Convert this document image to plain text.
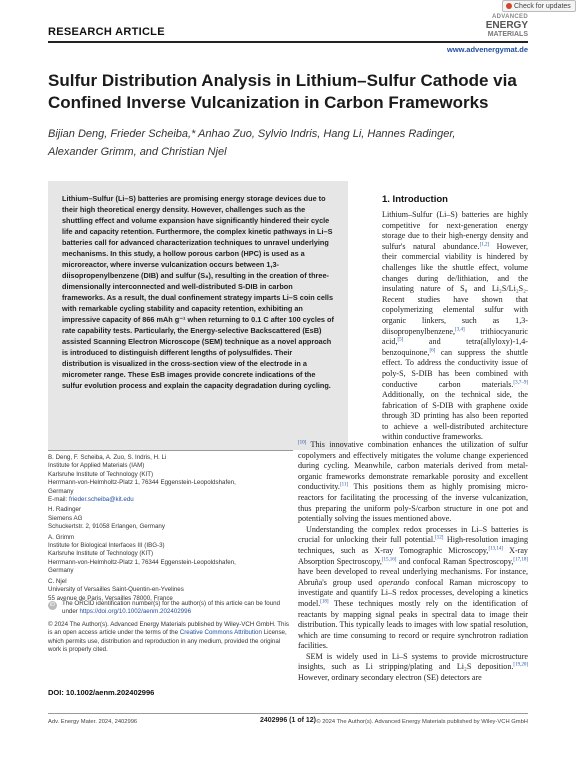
Check for updates
RESEARCH ARTICLE
ADVANCED
ENERGY
MATERIALS
www.advenergymat.de
Sulfur Distribution Analysis in Lithium–Sulfur Cathode via Confined Inverse Vulcanization in Carbon Frameworks
Bijian Deng, Frieder Scheiba,* Anhao Zuo, Sylvio Indris, Hang Li, Hannes Radinger,
Alexander Grimm, and Christian Njel
Lithium–Sulfur (Li–S) batteries are promising energy storage devices due to their high theoretical energy density. However, challenges such as the shuttling effect and volume expansion have significantly hindered their cycle life and capacity retention. Furthermore, the complex kinetic pathways in Li–S batteries call for advanced characterization techniques to unravel underlying mechanisms. In this study, a hollow porous carbon (HPC) is used as a microreactor, where inverse vulcanization occurs between 1,3-diisopropenylbenzene (DIB) and sulfur (S₈), resulting in the creation of three-dimensionally interconnected and well-distributed S-DIB in carbon frameworks. As a result, the dual confinement strategy imparts Li–S coin cells with remarkable cycling stability and capacity retention, exhibiting an impressive capacity of 866 mAh g⁻¹ when returning to 0.1 C after 100 cycles of rate capability tests. Particularly, the Energy-selective Backscattered (EsB) assisted Scanning Electron Microscope (SEM) technique as a novel approach is introduced to distinguish different lengths of polysulfides. Their distribution is visualized in the cross-section view of the electrode in a micrometer range. These EsB images provide concrete indications of the sulfur evolution process and explain the capacity degradation during cycling.

B. Deng, F. Scheiba, A. Zuo, S. Indris, H. Li

Institute for Applied Materials (IAM)

Karlsruhe Institute of Technology (KIT)

Herrmann-von-Helmholtz-Platz 1, 76344 Eggenstein-Leopoldshafen,

Germany

E-mail: frieder.scheiba@kit.edu

H. Radinger

Siemens AG

Schuckertstr. 2, 91058 Erlangen, Germany

A. Grimm

Institute for Biological Interfaces III (IBG-3)

Karlsruhe Institute of Technology (KIT)

Herrmann-von-Helmholtz-Platz 1, 76344 Eggenstein-Leopoldshafen,

Germany

C. Njel

University of Versailles Saint-Quentin-en-Yvelines

55 avenue de Paris, Versailles 78000, France

iD	The ORCID identification number(s) for the author(s) of this article can be found under https://doi.org/10.1002/aenm.202402996

© 2024 The Author(s). Advanced Energy Materials published by Wiley-VCH GmbH. This is an open access article under the terms of the Creative Commons Attribution License, which permits use, distribution and reproduction in any medium, provided the original work is properly cited.

DOI: 10.1002/aenm.202402996
1. Introduction

Lithium–Sulfur (Li–S) batteries are highly competitive for next-generation energy storage due to their high-energy density and sulfur's natural abundance.[1,2] However, their commercial viability is hindered by challenges like the shuttle effect, volume changes during de/lithiation, and the insulating nature of S₈ and Li₂S/Li₂S₂. Recent studies have shown that copolymerizing elemental sulfur with organic linkers, such as 1,3-diisopropenylbenzene,[3,4] trithiocyanuric acid,[5] and tetra(allyloxy)-1,4-benzoquinone,[6] can suppress the shuttle effect. To address the conductivity issue of poly-S, S-DIB has been combined with conductive carbon materials.[3,7–9] Additionally, on the technical side, the fabrication of S-DIB with graphene oxide through 3D printing has also been reported to achieve a well-distributed architecture within conductive frameworks.

[10] This innovative combination enhances the utilization of sulfur copolymers and effectively mitigates the volume change experienced during cycling. Meanwhile, carbon materials derived from metal-organic frameworks demonstrate remarkable porosity and excellent conductivity.[11] This positions them as highly promising micro-reactors for facilitating the processing of the inverse vulcanization, thus preparing the uniform poly-S/carbon structure in one pot and potentially solving the issues mentioned above.

Understanding the complex redox processes in Li–S batteries is crucial for unlocking their full potential.[12] High-resolution imaging techniques, such as X-ray Tomographic Microscopy,[13,14] X-ray Absorption Spectroscopy,[15,16] and confocal Raman Spectroscopy,[17,18] have been developed to reveal underlying mechanisms. For instance, Abruña's group used operando confocal Raman microscopy to investigate and quantify Li–S redox processes, developing a kinetics model.[18] These techniques mostly rely on the identification of reactants by mapping signal peaks in spectral data to image their distribution. This typically leads to images with low spatial resolution, which are time consuming to record or require synchrotron radiation facilities.

SEM is widely used in Li–S systems to provide microstructure insights, such as Li stripping/plating and Li₂S deposition.[19,20] However, ordinary secondary electron (SE) detectors are

Adv. Energy Mater. 2024, 2402996	2402996 (1 of 12) © 2024 The Author(s). Advanced Energy Materials published by Wiley-VCH GmbH
